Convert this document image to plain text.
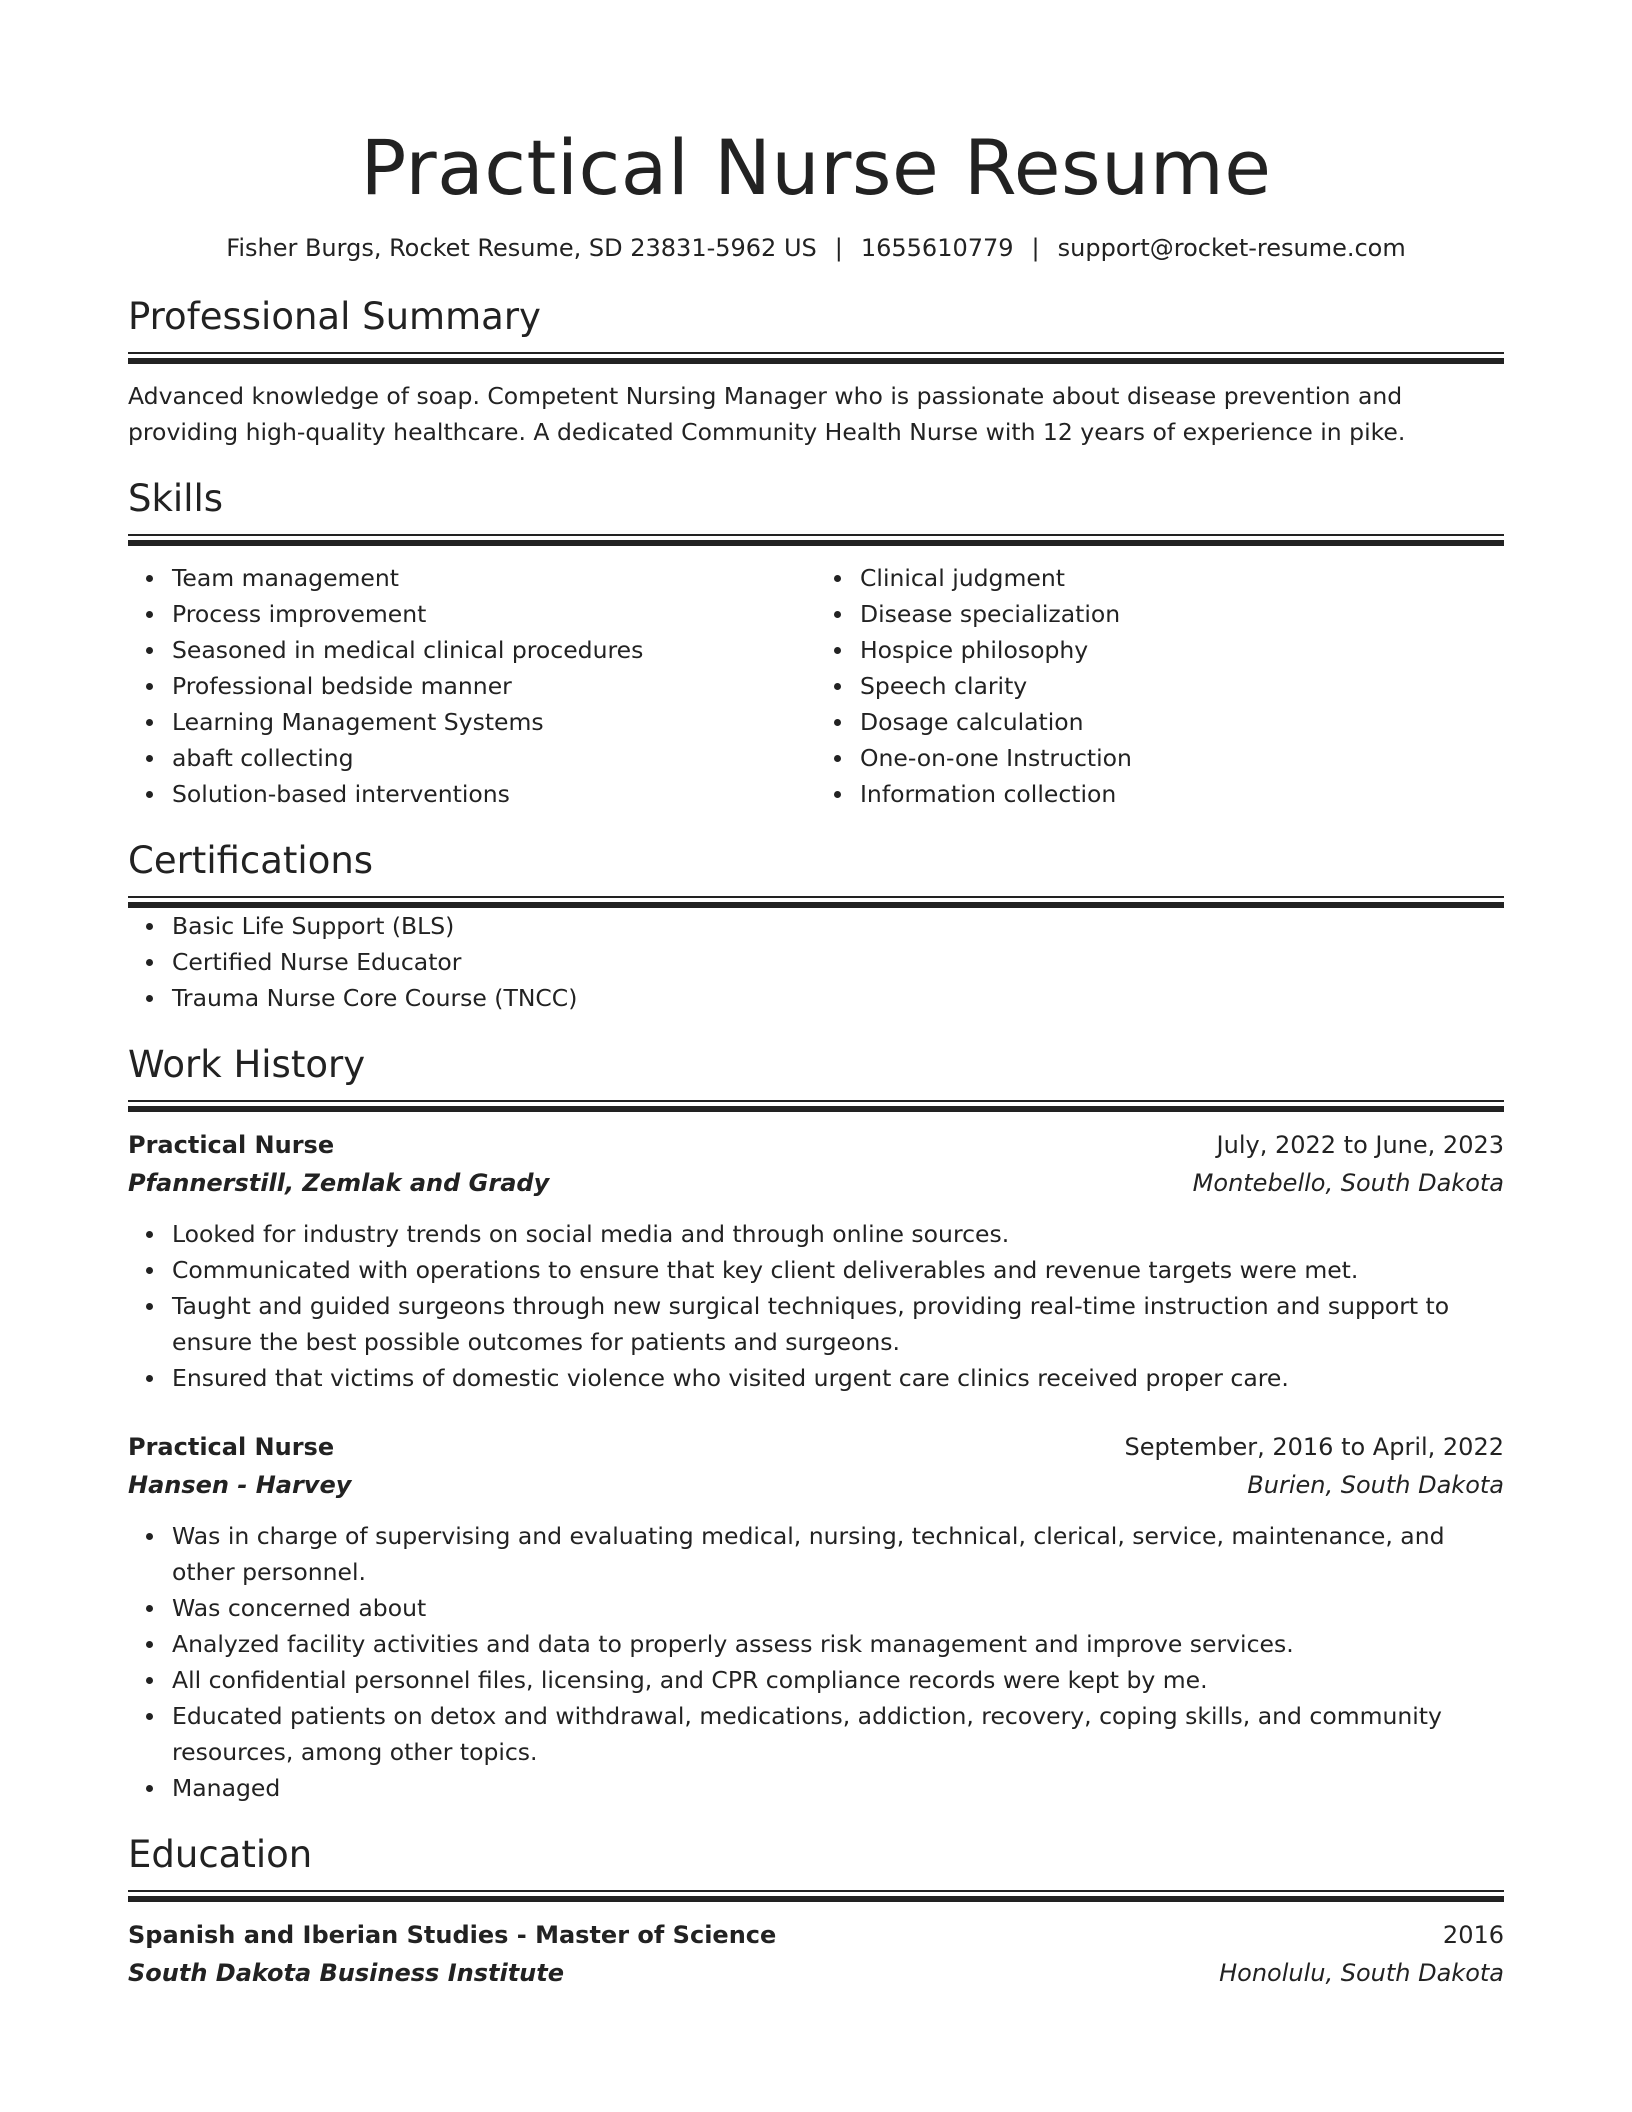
Practical Nurse Resume
Fisher Burgs, Rocket Resume, SD 23831-5962 US | 1655610779 | support@rocket-resume.com
Professional Summary
Advanced knowledge of soap. Competent Nursing Manager who is passionate about disease prevention and providing high-quality healthcare. A dedicated Community Health Nurse with 12 years of experience in pike.
Skills
Team management
Process improvement
Seasoned in medical clinical procedures
Professional bedside manner
Learning Management Systems
abaft collecting
Solution-based interventions
Clinical judgment
Disease specialization
Hospice philosophy
Speech clarity
Dosage calculation
One-on-one Instruction
Information collection
Certifications
Basic Life Support (BLS)
Certified Nurse Educator
Trauma Nurse Core Course (TNCC)
Work History
Practical Nurse	July, 2022 to June, 2023
Pfannerstill, Zemlak and Grady	Montebello, South Dakota
Looked for industry trends on social media and through online sources.
Communicated with operations to ensure that key client deliverables and revenue targets were met.
Taught and guided surgeons through new surgical techniques, providing real-time instruction and support to ensure the best possible outcomes for patients and surgeons.
Ensured that victims of domestic violence who visited urgent care clinics received proper care.
Practical Nurse	September, 2016 to April, 2022
Hansen - Harvey	Burien, South Dakota
Was in charge of supervising and evaluating medical, nursing, technical, clerical, service, maintenance, and other personnel.
Was concerned about
Analyzed facility activities and data to properly assess risk management and improve services.
All confidential personnel files, licensing, and CPR compliance records were kept by me.
Educated patients on detox and withdrawal, medications, addiction, recovery, coping skills, and community resources, among other topics.
Managed
Education
Spanish and Iberian Studies - Master of Science	2016
South Dakota Business Institute	Honolulu, South Dakota
